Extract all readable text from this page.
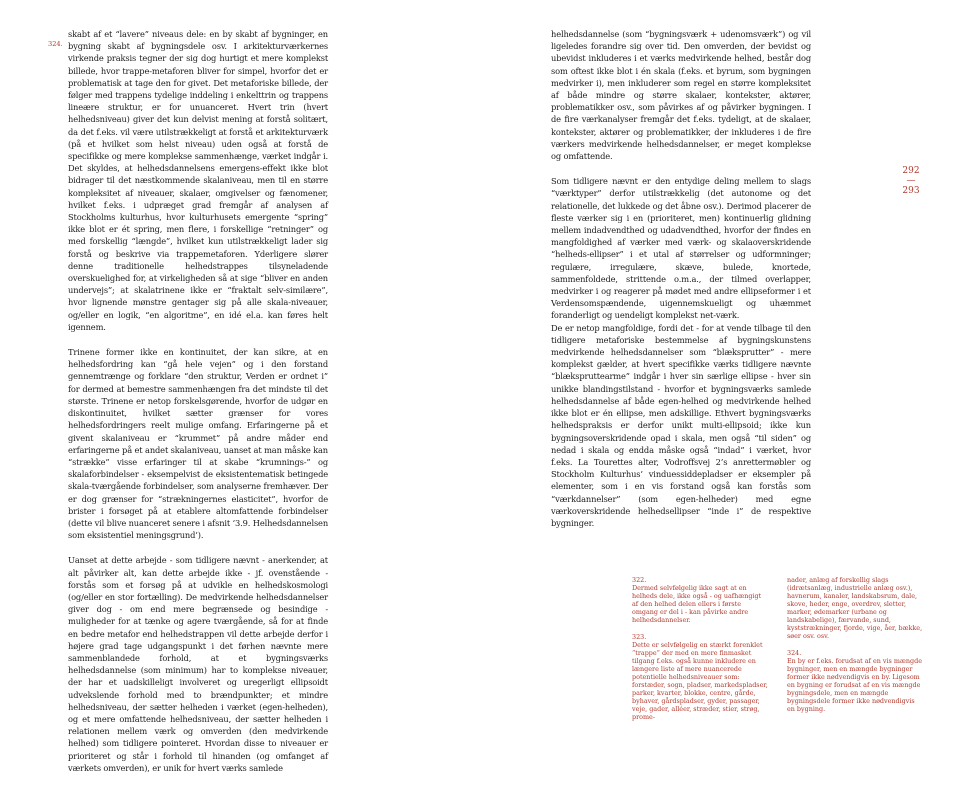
324.

skabt af et “lavere” niveaus dele: en by skabt af bygninger, en bygning skabt af bygningsdele osv. I arkitekturværkernes virkende praksis tegner der sig dog hurtigt et mere komplekst billede, hvor trappe-metaforen bliver for simpel, hvorfor det er problematisk at tage den for givet. Det metaforiske billede, der følger med trappens tydelige inddeling i enkelttrin og trappens lineære struktur, er for unuanceret. Hvert trin (hvert helhedsniveau) giver det kun delvist mening at forstå solitært, da det f.eks. vil være utilstrækkeligt at forstå et arkitekturværk (på et hvilket som helst niveau) uden også at forstå de specifikke og mere komplekse sammenhænge, værket indgår i. Det skyldes, at helhedsdannelsens emergens-effekt ikke blot bidrager til det næstkommende skalaniveau, men til en større kompleksitet af niveauer, skalaer, omgivelser og fænomener, hvilket f.eks. i udpræget grad fremgår af analysen af Stockholms kulturhus, hvor kulturhusets emergente “spring” ikke blot er ét spring, men flere, i forskellige “retninger” og med forskellig “længde”, hvilket kun utilstrækkeligt lader sig forstå og beskrive via trappemetaforen. Yderligere slører denne traditionelle helhedstrappes tilsyneladende overskuelighed for, at virkeligheden så at sige “bliver en anden undervejs”; at skalatrinene ikke er “fraktalt selv-similære”, hvor lignende mønstre gentager sig på alle skala-niveauer, og/eller en logik, “en algoritme”, en idé el.a. kan føres helt igennem.

Trinene former ikke en kontinuitet, der kan sikre, at en helhedsfordring kan “gå hele vejen” og i den forstand gennemtrænge og forklare “den struktur, Verden er ordnet i” for dermed at bemestre sammenhængen fra det mindste til det største. Trinene er netop forskelsgørende, hvorfor de udgør en diskontinuitet, hvilket sætter grænser for vores helhedsfordringers reelt mulige omfang. Erfaringerne på et givent skalaniveau er “krummet” på andre måder end erfaringerne på et andet skalaniveau, uanset at man måske kan “strække” visse erfaringer til at skabe “krumnings-” og skalaforbindelser - eksempelvist de eksistentematisk betingede skala-tværgående forbindelser, som analyserne fremhæver. Der er dog grænser for “strækningernes elasticitet”, hvorfor de brister i forsøget på at etablere altomfattende forbindelser (dette vil blive nuanceret senere i afsnit ‘3.9. Helhedsdannelsen som eksistentiel meningsgrund’).

Uanset at dette arbejde - som tidligere nævnt - anerkender, at alt påvirker alt, kan dette arbejde ikke - jf. ovenstående - forstås som et forsøg på at udvikle en helhedskosmologi (og/eller en stor fortælling). De medvirkende helhedsdannelser giver dog - om end mere begrænsede og besindige - muligheder for at tænke og agere tværgående, så for at finde en bedre metafor end helhedstrappen vil dette arbejde derfor i højere grad tage udgangspunkt i det førhen nævnte mere sammenblandede forhold, at et bygningsværks helhedsdannelse (som minimum) har to komplekse niveauer, der har et uadskilleligt involveret og uregerligt ellipsoidt udvekslende forhold med to brændpunkter; et mindre helhedsniveau, der sætter helheden i værket (egen-helheden), og et mere omfattende helhedsniveau, der sætter helheden i relationen mellem værk og omverden (den medvirkende helhed) som tidligere pointeret. Hvordan disse to niveauer er prioriteret og står i forhold til hinanden (og omfanget af værkets omverden), er unik for hvert værks samlede

helhedsdannelse (som “bygningsværk + udenomsværk”) og vil ligeledes forandre sig over tid. Den omverden, der bevidst og ubevidst inkluderes i et værks medvirkende helhed, består dog som oftest ikke blot i én skala (f.eks. et byrum, som bygningen medvirker i), men inkluderer som regel en større kompleksitet af både mindre og større skalaer, kontekster, aktører, problematikker osv., som påvirkes af og påvirker bygningen. I de fire værkanalyser fremgår det f.eks. tydeligt, at de skalaer, kontekster, aktører og problematikker, der inkluderes i de fire værkers medvirkende helhedsdannelser, er meget komplekse og omfattende.

Som tidligere nævnt er den entydige deling mellem to slags “værktyper” derfor utilstrækkelig (det autonome og det relationelle, det lukkede og det åbne osv.). Derimod placerer de fleste værker sig i en (prioriteret, men) kontinuerlig glidning mellem indadvendthed og udadvendthed, hvorfor der findes en mangfoldighed af værker med værk- og skalaoverskridende “helheds-ellipser” i et utal af størrelser og udformninger; regulære, irregulære, skæve, bulede, knortede, sammenfoldede, strittende o.m.a., der tilmed overlapper, medvirker i og reagerer på mødet med andre ellipseformer i et Verdensomspændende, uigennemskueligt og uhæmmet foranderligt og uendeligt komplekst net-værk.

De er netop mangfoldige, fordi det - for at vende tilbage til den tidligere metaforiske bestemmelse af bygningskunstens medvirkende helhedsdannelser som “blæksprutter” - mere komplekst gælder, at hvert specifikke værks tidligere nævnte “blækspruttearme” indgår i hver sin særlige ellipse - hver sin unikke blandingstilstand - hvorfor et bygningsværks samlede helhedsdannelse af både egen-helhed og medvirkende helhed ikke blot er én ellipse, men adskillige. Ethvert bygningsværks helhedspraksis er derfor unikt multi-ellipsoid; ikke kun bygningsoverskridende opad i skala, men også “til siden” og nedad i skala og endda måske også “indad” i værket, hvor f.eks. La Tourettes alter, Vodroffsvej 2’s anrettermøbler og Stockholm Kulturhus’ vinduessiddepladser er eksempler på elementer, som i en vis forstand også kan forstås som “værkdannelser” (som egen-helheder) med egne værkoverskridende helhedsellipser “inde i” de respektive bygninger.

292
—
293
322.
Dermed selvfølgelig ikke sagt at en helheds dele, ikke også - og uafhængigt af den helhed delen ellers i første omgang er del i - kan påvirke andre helhedsdannelser.
323.
Dette er selvfølgelig en stærkt forenklet “trappe” der med en mere finmasket tilgang f.eks. også kunne inkludere en længere liste af mere nuancerede potentielle helhedsniveauer som: forstæder, sogn, pladser, markedspladser, parker, kvarter, blokke, centre, gårde, byhaver, gårdspladser, gyder, passager, veje, gader, alléer, stræder, stier, strøg, prome-
nader, anlæg af forskellig slags (idrætsanlæg, industrielle anlæg osv.), havnerum, kanaler, landskabsrum, dale, skove, heder, enge, overdrev, sletter, marker, ødemarker (urbane og landskabelige), færvande, sund, kyststrækninger, fjorde, vige, åer, bække, søer osv. osv.
324.
En by er f.eks. forudsat af en vis mængde bygninger, men en mængde bygninger former ikke nødvendigvis en by. Ligesom en bygning er forudsat af en vis mængde bygningsdele, men en mængde bygningsdele former ikke nødvendigvis en bygning.
